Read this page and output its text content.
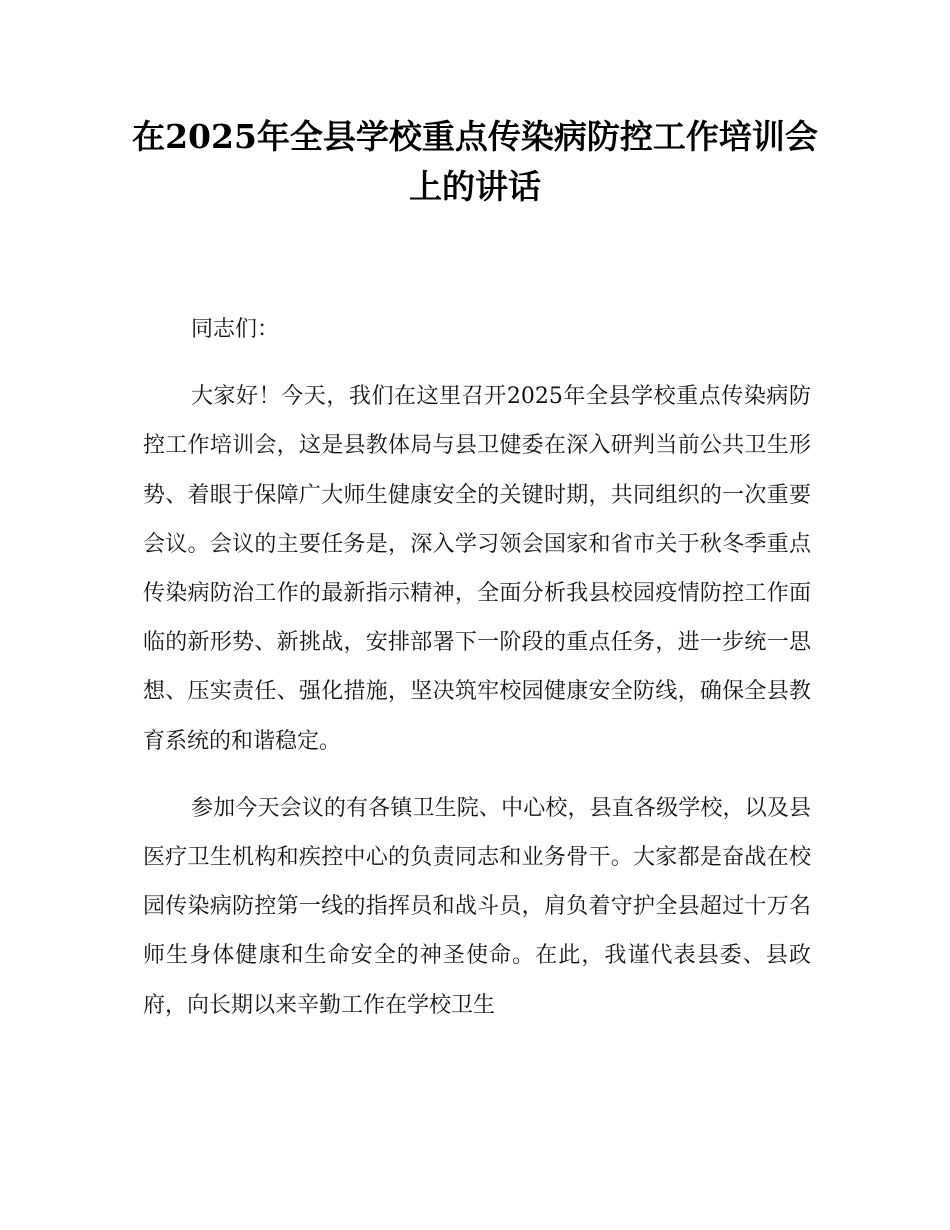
在2025年全县学校重点传染病防控工作培训会上的讲话

同志们：

大家好！今天，我们在这里召开2025年全县学校重点传染病防控工作培训会，这是县教体局与县卫健委在深入研判当前公共卫生形势、着眼于保障广大师生健康安全的关键时期，共同组织的一次重要会议。会议的主要任务是，深入学习领会国家和省市关于秋冬季重点传染病防治工作的最新指示精神，全面分析我县校园疫情防控工作面临的新形势、新挑战，安排部署下一阶段的重点任务，进一步统一思想、压实责任、强化措施，坚决筑牢校园健康安全防线，确保全县教育系统的和谐稳定。

参加今天会议的有各镇卫生院、中心校，县直各级学校，以及县医疗卫生机构和疾控中心的负责同志和业务骨干。大家都是奋战在校园传染病防控第一线的指挥员和战斗员，肩负着守护全县超过十万名师生身体健康和生命安全的神圣使命。在此，我谨代表县委、县政府，向长期以来辛勤工作在学校卫生
